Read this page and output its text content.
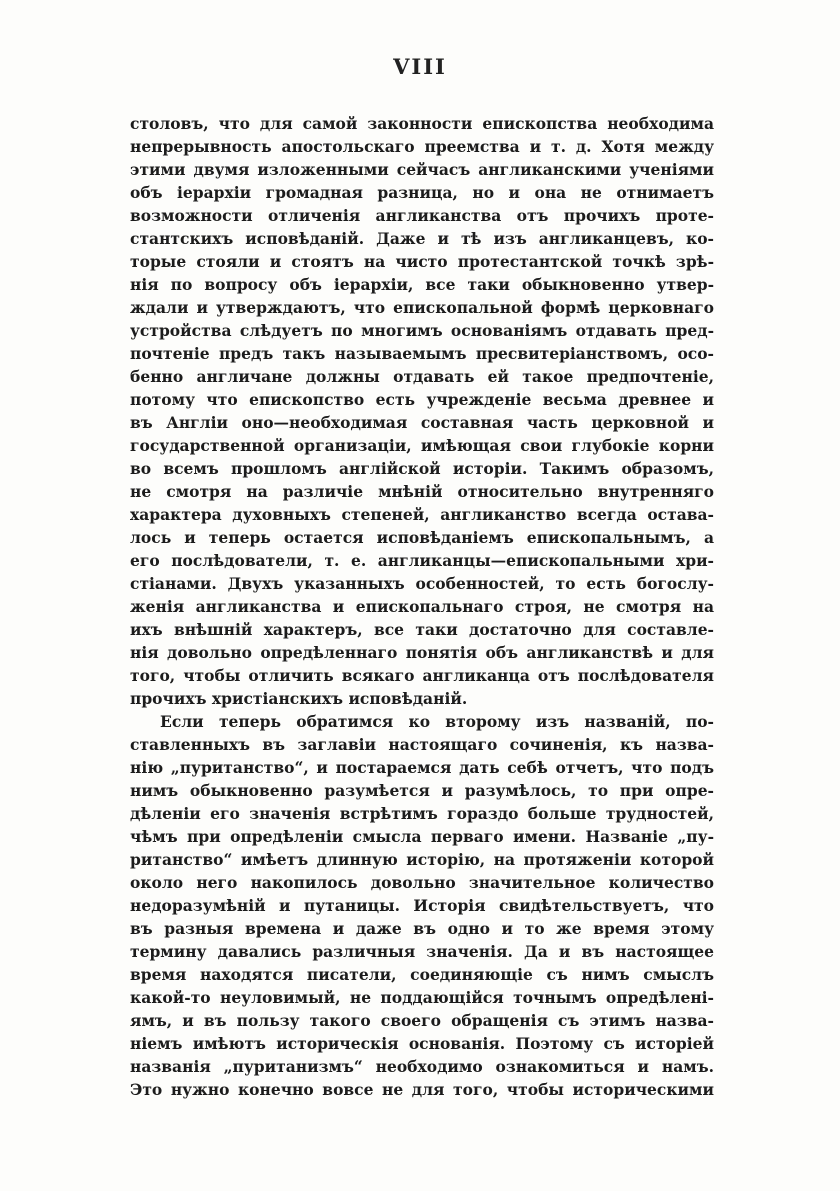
VIII
столовъ, что для самой законности епископства необходима
непрерывность апостольскаго преемства и т. д. Хотя между
этими двумя изложенными сейчасъ англиканскими ученіями
объ іерархіи громадная разница, но и она не отнимаетъ
возможности отличенія англиканства отъ прочихъ проте-
стантскихъ исповѣданій. Даже и тѣ изъ англиканцевъ, ко-
торые стояли и стоятъ на чисто протестантской точкѣ зрѣ-
нія по вопросу объ іерархіи, все таки обыкновенно утвер-
ждали и утверждаютъ, что епископальной формѣ церковнаго
устройства слѣдуетъ по многимъ основаніямъ отдавать пред-
почтеніе предъ такъ называемымъ пресвитеріанствомъ, осо-
бенно англичане должны отдавать ей такое предпочтеніе,
потому что епископство есть учрежденіе весьма древнее и
въ Англіи оно—необходимая составная часть церковной и
государственной организаціи, имѣющая свои глубокіе корни
во всемъ прошломъ англійской исторіи. Такимъ образомъ,
не смотря на различіе мнѣній относительно внутренняго
характера духовныхъ степеней, англиканство всегда остава-
лось и теперь остается исповѣданіемъ епископальнымъ, а
его послѣдователи, т. е. англиканцы—епископальными хри-
стіанами. Двухъ указанныхъ особенностей, то есть богослу-
женія англиканства и епископальнаго строя, не смотря на
ихъ внѣшній характеръ, все таки достаточно для составле-
нія довольно опредѣленнаго понятія объ англиканствѣ и для
того, чтобы отличить всякаго англиканца отъ послѣдователя
прочихъ христіанскихъ исповѣданій.
Если теперь обратимся ко второму изъ названій, по-
ставленныхъ въ заглавіи настоящаго сочиненія, къ назва-
нію „пуританство“, и постараемся дать себѣ отчетъ, что подъ
нимъ обыкновенно разумѣется и разумѣлось, то при опре-
дѣленіи его значенія встрѣтимъ гораздо больше трудностей,
чѣмъ при опредѣленіи смысла перваго имени. Названіе „пу-
ританство“ имѣетъ длинную исторію, на протяженіи которой
около него накопилось довольно значительное количество
недоразумѣній и путаницы. Исторія свидѣтельствуетъ, что
въ разныя времена и даже въ одно и то же время этому
термину давались различныя значенія. Да и въ настоящее
время находятся писатели, соединяющіе съ нимъ смыслъ
какой-то неуловимый, не поддающійся точнымъ опредѣлені-
ямъ, и въ пользу такого своего обращенія съ этимъ назва-
ніемъ имѣютъ историческія основанія. Поэтому съ исторіей
названія „пуританизмъ“ необходимо ознакомиться и намъ.
Это нужно конечно вовсе не для того, чтобы историческими
